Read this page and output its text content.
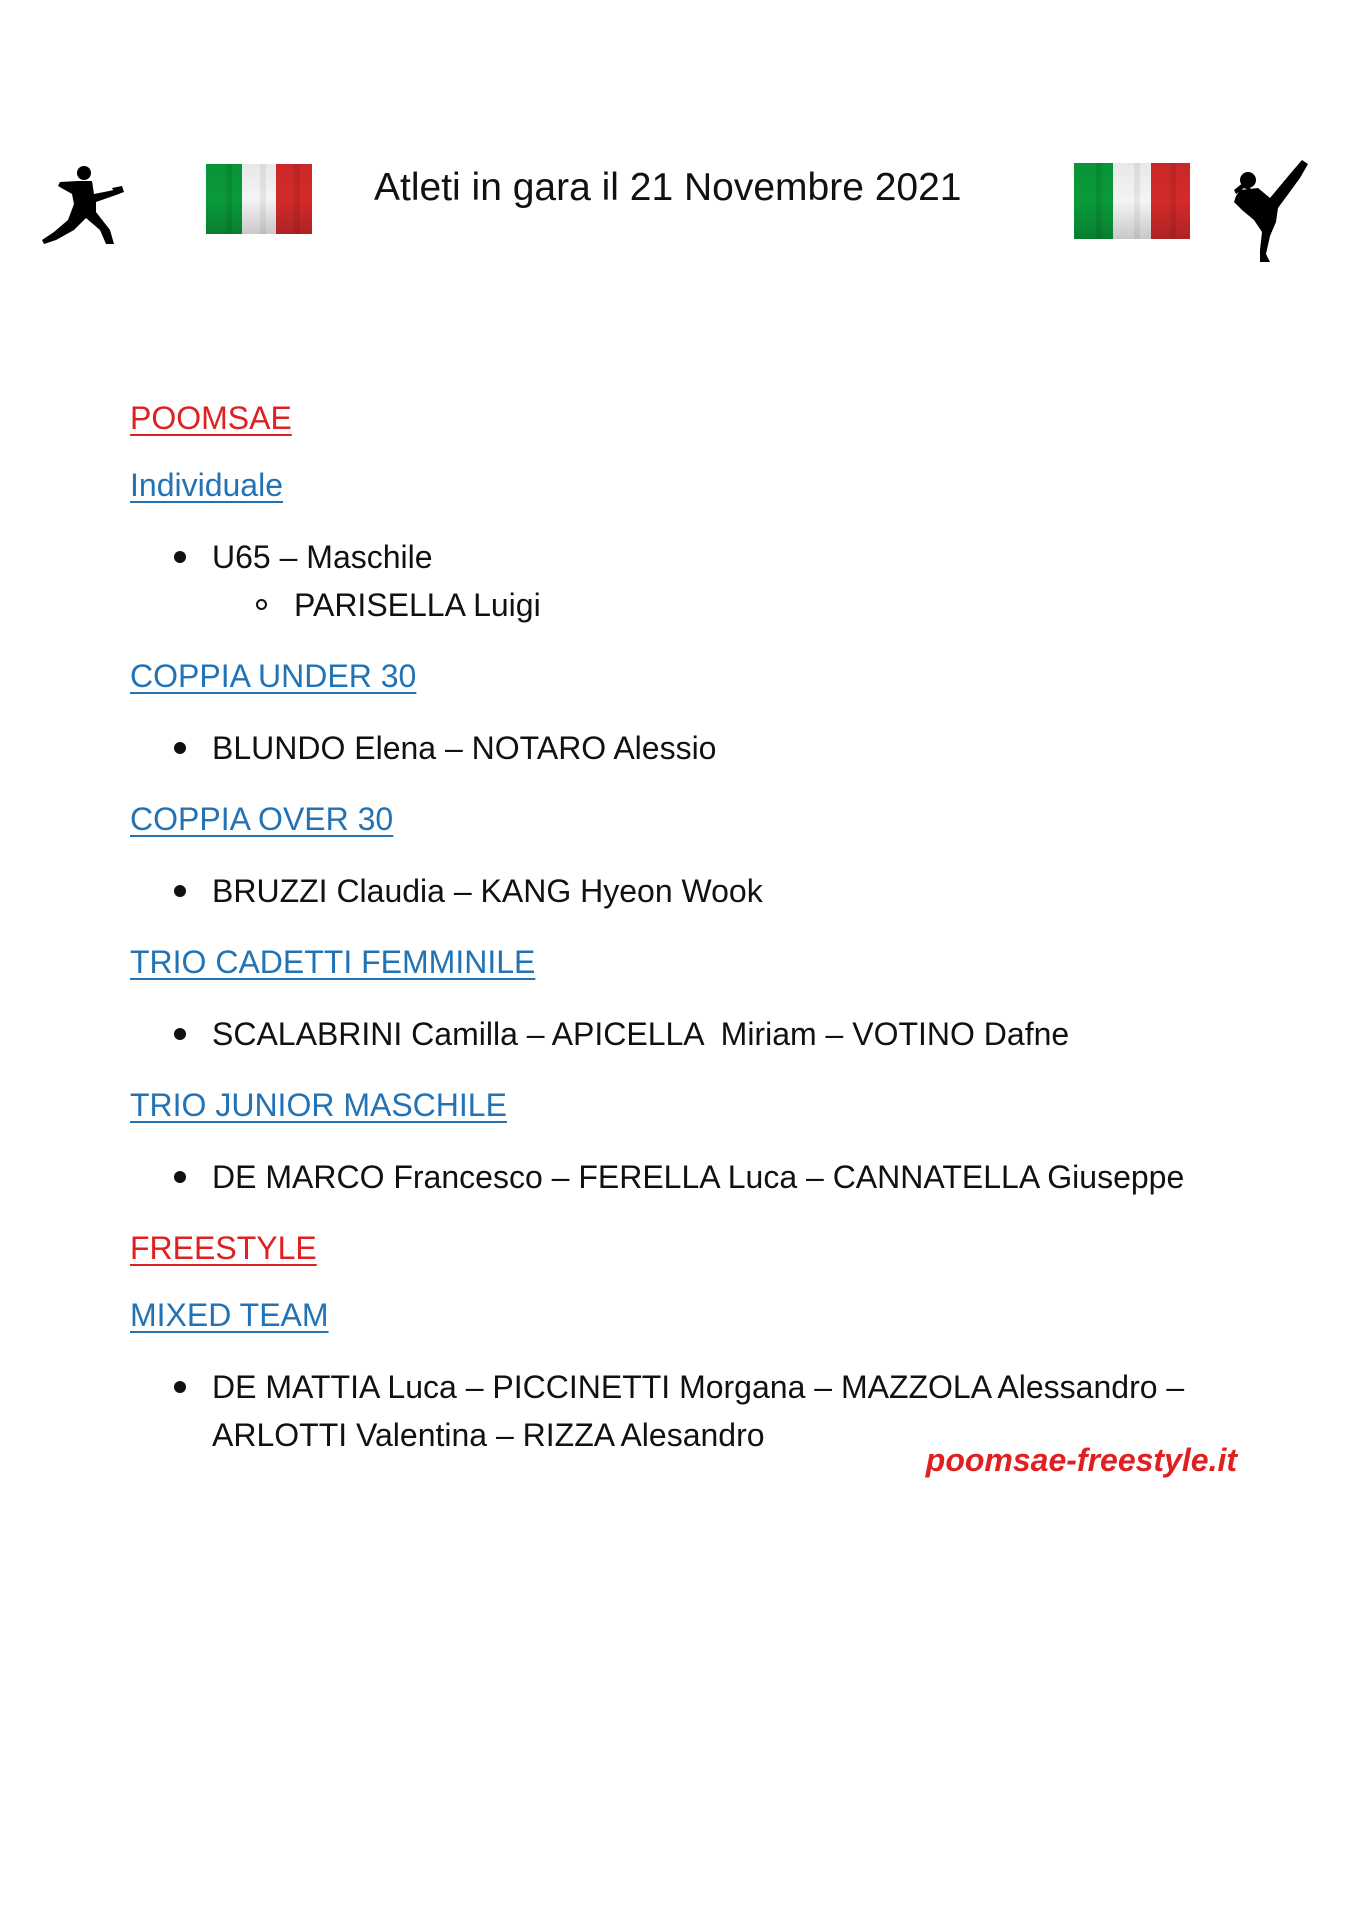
Atleti in gara il 21 Novembre 2021

POOMSAE

Individuale

U65 – Maschile
PARISELLA Luigi

COPPIA UNDER 30

BLUNDO Elena – NOTARO Alessio

COPPIA OVER 30

BRUZZI Claudia – KANG Hyeon Wook

TRIO CADETTI FEMMINILE

SCALABRINI Camilla – APICELLA  Miriam – VOTINO Dafne

TRIO JUNIOR MASCHILE

DE MARCO Francesco – FERELLA Luca – CANNATELLA Giuseppe

FREESTYLE

MIXED TEAM

DE MATTIA Luca – PICCINETTI Morgana – MAZZOLA Alessandro – ARLOTTI Valentina – RIZZA Alesandro
poomsae-freestyle.it
